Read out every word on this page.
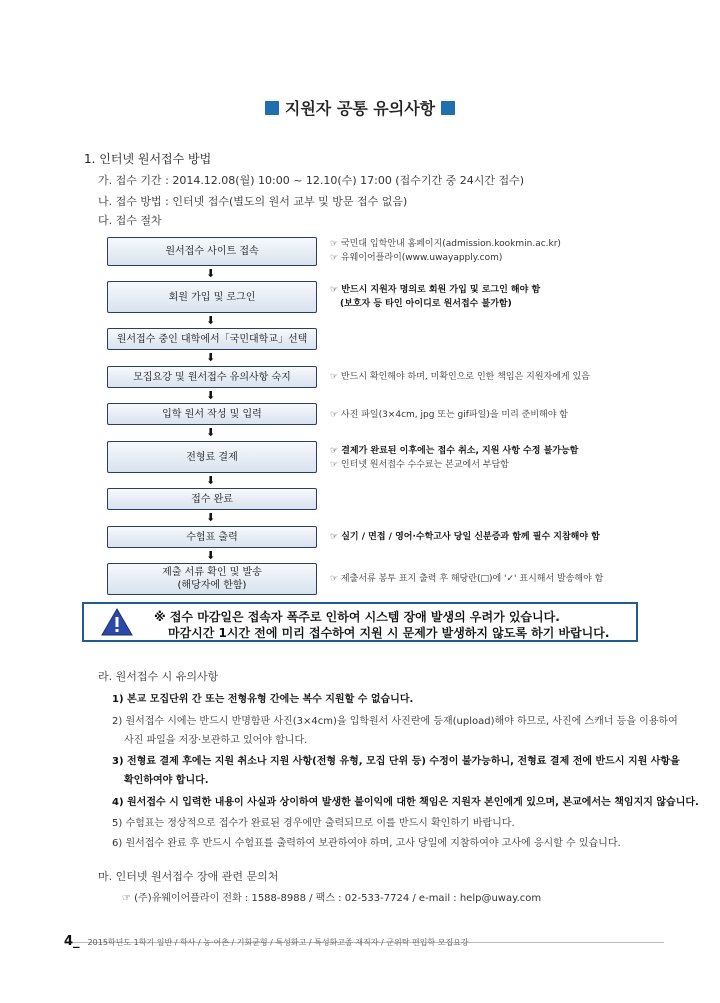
지원자 공통 유의사항
1. 인터넷 원서접수 방법
가. 접수 기간 : 2014.12.08(월) 10:00 ~ 12.10(수) 17:00 (접수기간 중 24시간 접수)
나. 접수 방법 : 인터넷 접수(별도의 원서 교부 및 방문 접수 없음)
다. 접수 절차
원서접수 사이트 접속
⬇
회원 가입 및 로그인
⬇
원서접수 중인 대학에서「국민대학교」선택
⬇
모집요강 및 원서접수 유의사항 숙지
⬇
입학 원서 작성 및 입력
⬇
전형료 결제
⬇
접수 완료
⬇
수험표 출력
⬇
제출 서류 확인 및 발송
(해당자에 한함)
☞ 국민대 입학안내 홈페이지(admission.kookmin.ac.kr)
☞ 유웨이어플라이(www.uwayapply.com)
☞ 반드시 지원자 명의로 회원 가입 및 로그인 해야 함
(보호자 등 타인 아이디로 원서접수 불가함)
☞ 반드시 확인해야 하며, 미확인으로 인한 책임은 지원자에게 있음
☞ 사진 파일(3×4cm, jpg 또는 gif파일)을 미리 준비해야 함
☞ 결제가 완료된 이후에는 접수 취소, 지원 사항 수정 불가능함
☞ 인터넷 원서접수 수수료는 본교에서 부담함
☞ 실기 / 면접 / 영어·수학고사 당일 신분증과 함께 필수 지참해야 함
☞ 제출서류 봉투 표지 출력 후 해당란(□)에 '✓' 표시해서 발송해야 함
※ 접수 마감일은 접속자 폭주로 인하여 시스템 장애 발생의 우려가 있습니다.
마감시간 1시간 전에 미리 접수하여 지원 시 문제가 발생하지 않도록 하기 바랍니다.
라. 원서접수 시 유의사항
1) 본교 모집단위 간 또는 전형유형 간에는 복수 지원할 수 없습니다.
2) 원서접수 시에는 반드시 반명함판 사진(3×4cm)을 입학원서 사진란에 등재(upload)해야 하므로, 사진에 스캐너 등을 이용하여
사진 파일을 저장·보관하고 있어야 합니다.
3) 전형료 결제 후에는 지원 취소나 지원 사항(전형 유형, 모집 단위 등) 수정이 불가능하니, 전형료 결제 전에 반드시 지원 사항을
확인하여야 합니다.
4) 원서접수 시 입력한 내용이 사실과 상이하여 발생한 불이익에 대한 책임은 지원자 본인에게 있으며, 본교에서는 책임지지 않습니다.
5) 수험표는 정상적으로 접수가 완료된 경우에만 출력되므로 이를 반드시 확인하기 바랍니다.
6) 원서접수 완료 후 반드시 수험표를 출력하여 보관하여야 하며, 고사 당일에 지참하여야 고사에 응시할 수 있습니다.
마. 인터넷 원서접수 장애 관련 문의처
☞ (주)유웨이어플라이 전화 : 1588-8988 / 팩스 : 02-533-7724 / e-mail : help@uway.com
4_ 2015학년도 1학기 일반 / 학사 / 농·어촌 / 기회균형 / 특성화고 / 특성화고졸 재직자 / 군위탁 편입학 모집요강
